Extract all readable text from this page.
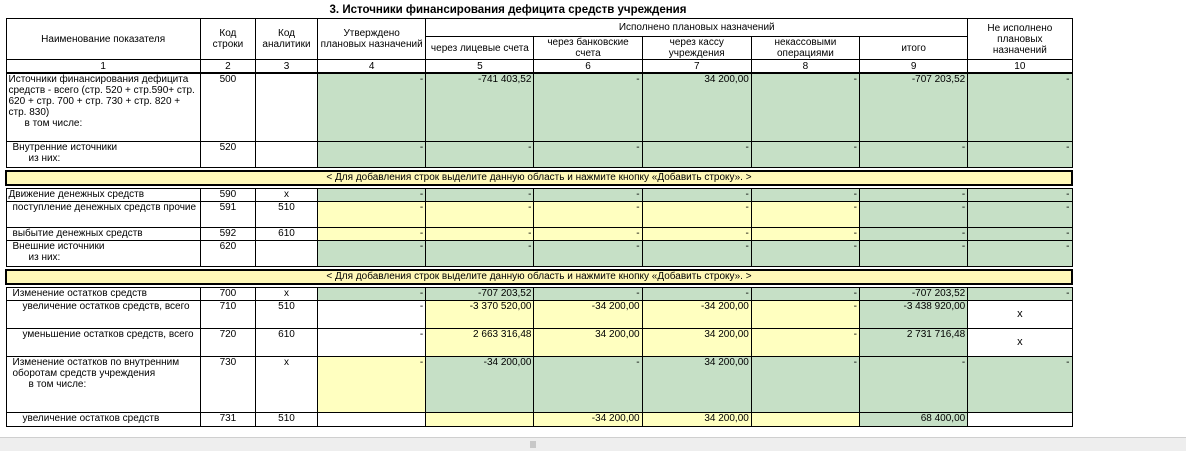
3. Источники финансирования дефицита средств учреждения
Наименование показателя	Код строки	Код аналитики	Утверждено плановых назначений	Исполнено плановых назначений					Не исполнено плановых назначений
				через лицевые счета	через банковские счета	через кассу учреждения	некассовыми операциями	итого	
1	2	3	4	5	6	7	8	9	10

Источники финансирования дефицита средств - всего (стр. 520 + стр.590+ стр. 620 + стр. 700 + стр. 730 + стр. 820 + стр. 830)
в том числе:	500		-	-741 403,52	-	34 200,00	-	-707 203,52	-

Внутренние источники
из них:	520		-	-	-	-	-	-	-

< Для добавления строк выделите данную область и нажмите кнопку «Добавить строку». >									

Движение денежных средств	590	x	-	-	-	-	-	-	-
поступление денежных средств прочие	591	510	-	-	-	-	-	-	-
выбытие денежных средств	592	610	-	-	-	-	-	-	-

Внешние источники
из них:	620		-	-	-	-	-	-	-

< Для добавления строк выделите данную область и нажмите кнопку «Добавить строку». >									

Изменение остатков средств	700	x	-	-707 203,52	-	-	-	-707 203,52	-
увеличение остатков средств, всего	710	510	-	-3 370 520,00	-34 200,00	-34 200,00	-	-3 438 920,00	x
уменьшение остатков средств, всего	720	610	-	2 663 316,48	34 200,00	34 200,00	-	2 731 716,48	x

Изменение остатков по внутренним оборотам средств учреждения
в том числе:	730	x	-	-34 200,00	-	34 200,00	-	-	-
увеличение остатков средств	731	510			-34 200,00	34 200,00		68 400,00	
